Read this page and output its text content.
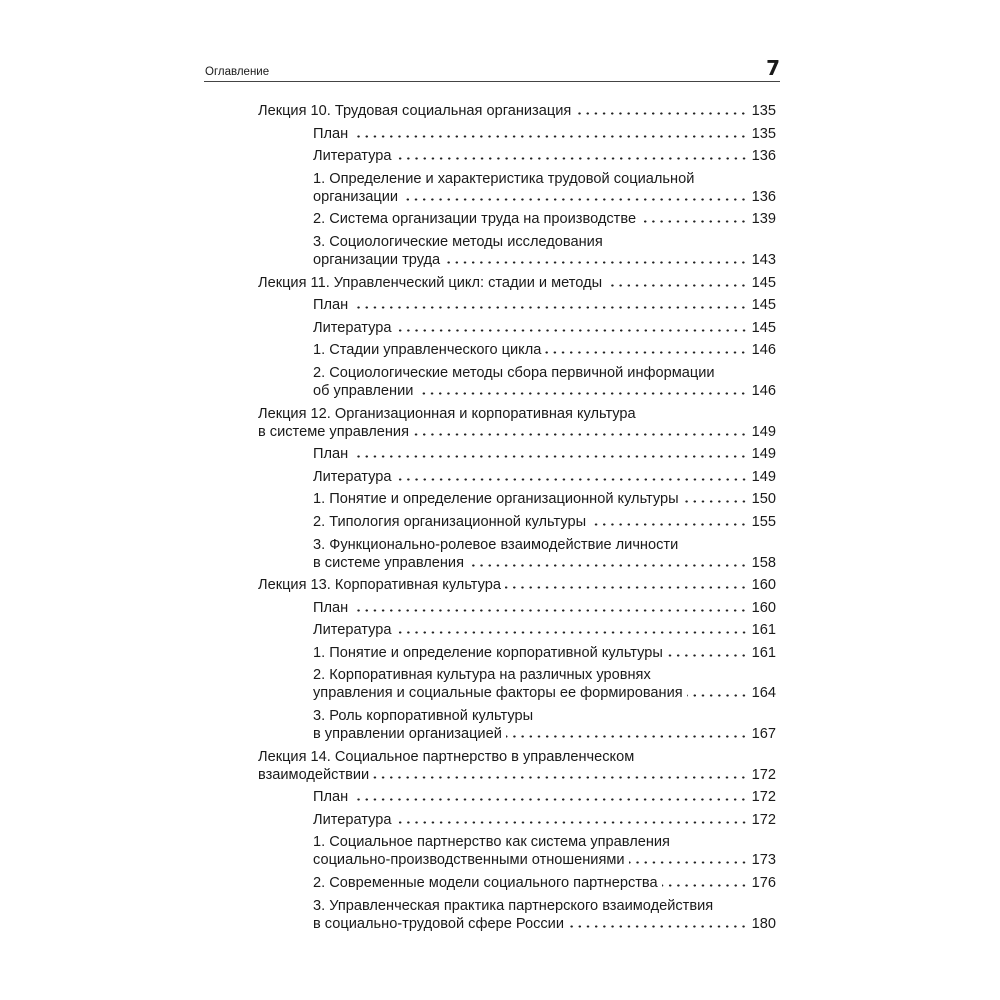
Оглавление	7
Лекция 10. Трудовая социальная организация	135
План	135
Литература	136
1. Определение и характеристика трудовой социальной
организации	136
2. Система организации труда на производстве	139
3. Социологические методы исследования
организации труда	143
Лекция 11. Управленческий цикл: стадии и методы	145
План	145
Литература	145
1. Стадии управленческого цикла	146
2. Социологические методы сбора первичной информации
об управлении	146
Лекция 12. Организационная и корпоративная культура
в системе управления	149
План	149
Литература	149
1. Понятие и определение организационной культуры	150
2. Типология организационной культуры	155
3. Функционально-ролевое взаимодействие личности
в системе управления	158
Лекция 13. Корпоративная культура	160
План	160
Литература	161
1. Понятие и определение корпоративной культуры	161
2. Корпоративная культура на различных уровнях
управления и социальные факторы ее формирования	164
3. Роль корпоративной культуры
в управлении организацией	167
Лекция 14. Социальное партнерство в управленческом
взаимодействии	172
План	172
Литература	172
1. Социальное партнерство как система управления
социально-производственными отношениями	173
2. Современные модели социального партнерства	176
3. Управленческая практика партнерского взаимодействия
в социально-трудовой сфере России	180
